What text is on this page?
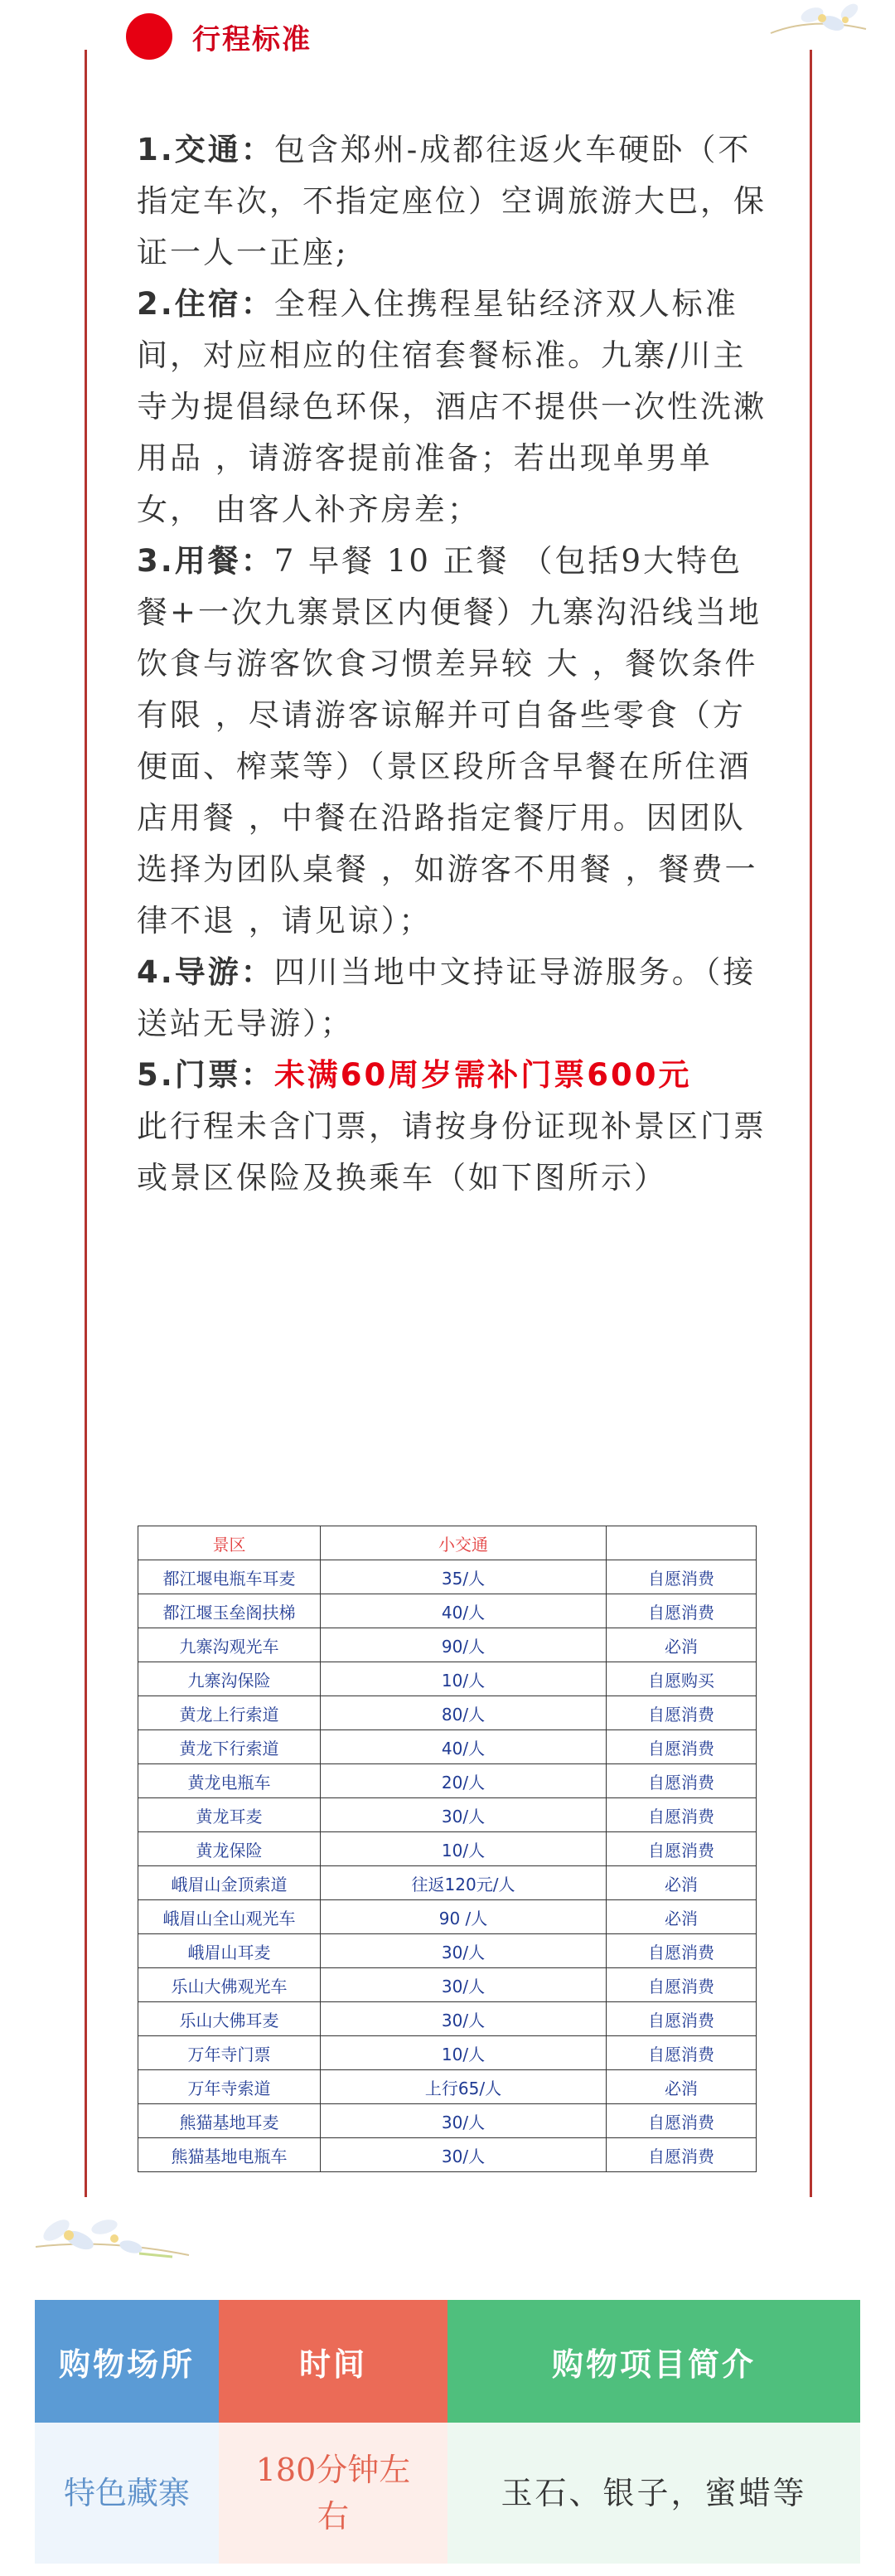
行程标准

1.交通：包含郑州-成都往返火车硬卧（不指定车次，不指定座位）空调旅游大巴，保证一人一正座;

2.住宿：全程入住携程星钻经济双人标准间，对应相应的住宿套餐标准。九寨/川主寺为提倡绿色环保，酒店不提供一次性洗漱用品 ，请游客提前准备；若出现单男单女， 由客人补齐房差；

3.用餐：7 早餐 10 正餐 （包括9大特色餐+一次九寨景区内便餐）九寨沟沿线当地饮食与游客饮食习惯差异较 大 ，餐饮条件有限 ，尽请游客谅解并可自备些零食（方便面、榨菜等）（景区段所含早餐在所住酒店用餐 ，中餐在沿路指定餐厅用。因团队选择为团队桌餐 ，如游客不用餐 ，餐费一律不退 ，请见谅）；

4.导游：四川当地中文持证导游服务。（接送站无导游）；

5.门票：未满60周岁需补门票600元
此行程未含门票，请按身份证现补景区门票或景区保险及换乘车（如下图所示）

景区	小交通	
都江堰电瓶车耳麦	35/人	自愿消费
都江堰玉垒阁扶梯	40/人	自愿消费
九寨沟观光车	90/人	必消
九寨沟保险	10/人	自愿购买
黄龙上行索道	80/人	自愿消费
黄龙下行索道	40/人	自愿消费
黄龙电瓶车	20/人	自愿消费
黄龙耳麦	30/人	自愿消费
黄龙保险	10/人	自愿消费
峨眉山金顶索道	往返120元/人	必消
峨眉山全山观光车	90 /人	必消
峨眉山耳麦	30/人	自愿消费
乐山大佛观光车	30/人	自愿消费
乐山大佛耳麦	30/人	自愿消费
万年寺门票	10/人	自愿消费
万年寺索道	上行65/人	必消
熊猫基地耳麦	30/人	自愿消费
熊猫基地电瓶车	30/人	自愿消费
购物场所	时间	购物项目简介
特色藏寨	180分钟左右	玉石、银子，蜜蜡等
